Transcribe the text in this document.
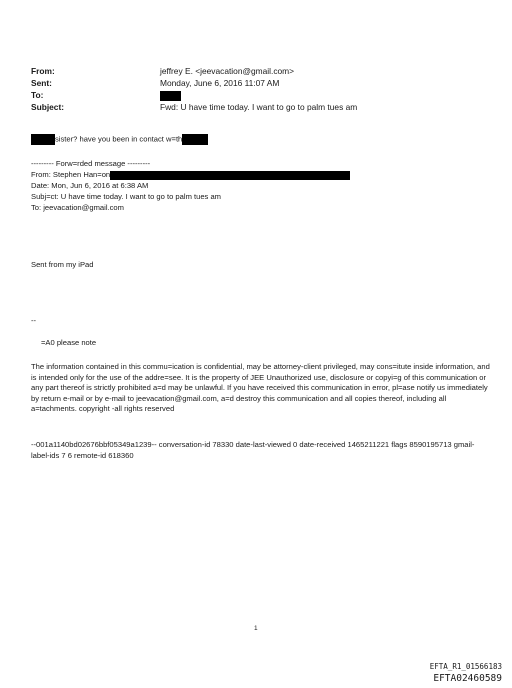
From:	jeffrey E. <jeevacation@gmail.com>
Sent:	Monday, June 6, 2016 11:07 AM
To:
Subject:	Fwd: U have time today. I want to go to palm tues am
sister? have you been in contact w=th
--------- Forw=rded message ---------
From: Stephen Han=on
Date: Mon, Jun 6, 2016 at 6:38 AM
Subj=ct: U have time today. I want to go to palm tues am
To: jeevacation@gmail.com
Sent from my iPad
--
=A0 please note
The information contained in this commu=ication is confidential, may be attorney-client privileged, may cons=itute inside information, and is intended only for the use of the addre=see. It is the property of JEE Unauthorized use, disclosure or copyi=g of this communication or any part thereof is strictly prohibited a=d may be unlawful. If you have received this communication in error, pl=ase notify us immediately by return e-mail or by e-mail to jeevacation@gmail.com, a=d destroy this communication and all copies thereof, including all a=tachments. copyright -all rights reserved
--001a1140bd02676bbf05349a1239-- conversation-id 78330 date-last-viewed 0 date-received 1465211221 flags 8590195713 gmail-label-ids 7 6 remote-id 618360
1
EFTA_R1_01566183
EFTA02460589
